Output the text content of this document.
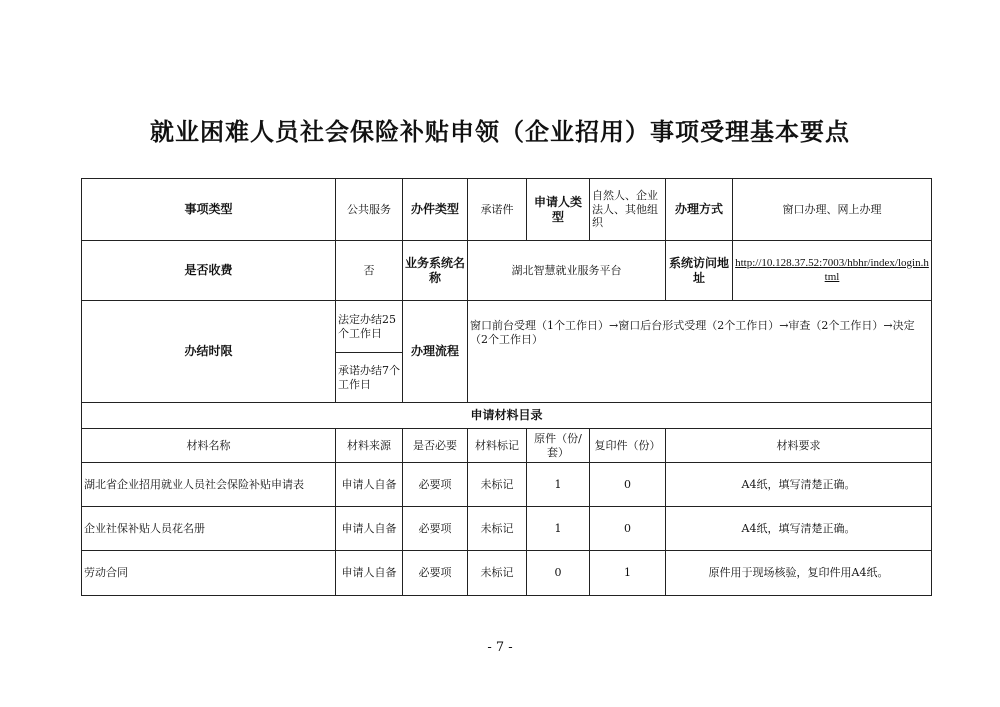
就业困难人员社会保险补贴申领（企业招用）事项受理基本要点
事项类型	公共服务	办件类型	承诺件	申请人类型	自然人、企业法人、其他组织	办理方式	窗口办理、网上办理
是否收费	否	业务系统名称	湖北智慧就业服务平台			系统访问地址	http://10.128.37.52:7003/hbhr/index/login.html
办结时限	法定办结25个工作日	办理流程	窗口前台受理（1个工作日）→窗口后台形式受理（2个工作日）→审查（2个工作日）→决定（2个工作日）				
	承诺办结7个工作日						
申请材料目录							
材料名称	材料来源	是否必要	材料标记	原件（份/套）	复印件（份）	材料要求	
湖北省企业招用就业人员社会保险补贴申请表	申请人自备	必要项	未标记	1	0	A4纸，填写清楚正确。	
企业社保补贴人员花名册	申请人自备	必要项	未标记	1	0	A4纸，填写清楚正确。	
劳动合同	申请人自备	必要项	未标记	0	1	原件用于现场核验，复印件用A4纸。	
- 7 -
